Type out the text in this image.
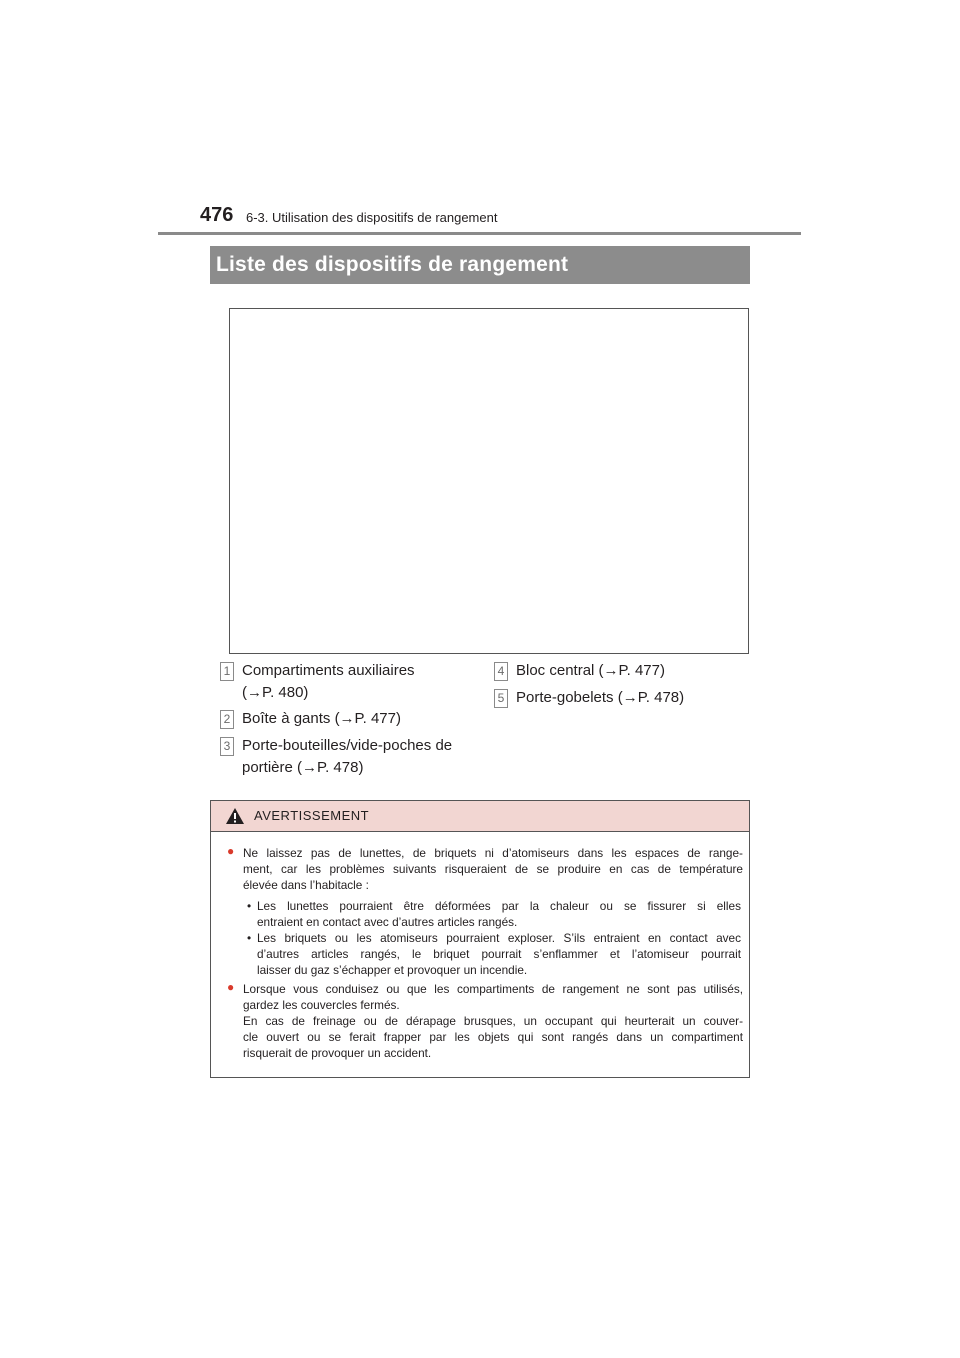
476 6-3. Utilisation des dispositifs de rangement
Liste des dispositifs de rangement
1 Compartiments auxiliaires
(→P. 480)
2 Boîte à gants (→P. 477)
3 Porte-bouteilles/vide-poches de
portière (→P. 478)
4 Bloc central (→P. 477)
5 Porte-gobelets (→P. 478)
AVERTISSEMENT
● Ne laissez pas de lunettes, de briquets ni d’atomiseurs dans les espaces de range-
ment, car les problèmes suivants risqueraient de se produire en cas de température
élevée dans l’habitacle :
• Les lunettes pourraient être déformées par la chaleur ou se fissurer si elles
entraient en contact avec d’autres articles rangés.
• Les briquets ou les atomiseurs pourraient exploser. S’ils entraient en contact avec
d’autres articles rangés, le briquet pourrait s’enflammer et l’atomiseur pourrait
laisser du gaz s’échapper et provoquer un incendie.
● Lorsque vous conduisez ou que les compartiments de rangement ne sont pas utilisés,
gardez les couvercles fermés.
En cas de freinage ou de dérapage brusques, un occupant qui heurterait un couver-
cle ouvert ou se ferait frapper par les objets qui sont rangés dans un compartiment
risquerait de provoquer un accident.
